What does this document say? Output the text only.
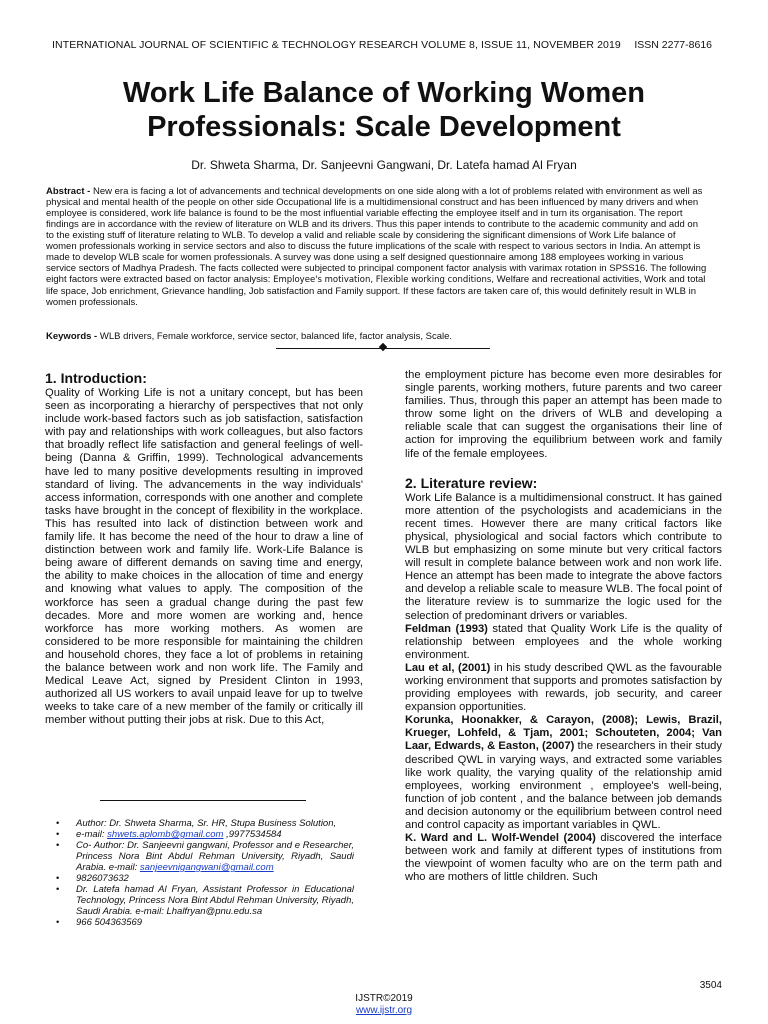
INTERNATIONAL JOURNAL OF SCIENTIFIC & TECHNOLOGY RESEARCH VOLUME 8, ISSUE 11, NOVEMBER 2019 ISSN 2277-8616
Work Life Balance of Working Women
Professionals: Scale Development
Dr. Shweta Sharma, Dr. Sanjeevni Gangwani, Dr. Latefa hamad Al Fryan
Abstract - New era is facing a lot of advancements and technical developments on one side along with a lot of problems related with environment as well as physical and mental health of the people on other side Occupational life is a multidimensional construct and has been influenced by many drivers and when employee is considered, work life balance is found to be the most influential variable effecting the employee itself and in turn its organisation. The report findings are in accordance with the review of literature on WLB and its drivers. Thus this paper intends to contribute to the academic community and add on to the existing stuff of literature relating to WLB. To develop a valid and reliable scale by considering the significant dimensions of Work Life balance of women professionals working in service sectors and also to discuss the future implications of the scale with respect to various sectors in India. An attempt is made to develop WLB scale for women professionals. A survey was done using a self designed questionnaire among 188 employees working in various service sectors of Madhya Pradesh. The facts collected were subjected to principal component factor analysis with varimax rotation in SPSS16. The following eight factors were extracted based on factor analysis: Employee's motivation, Flexible working conditions, Welfare and recreational activities, Work and total life space, Job enrichment, Grievance handling, Job satisfaction and Family support. If these factors are taken care of, this would definitely result in WLB in women professionals.
Keywords - WLB drivers, Female workforce, service sector, balanced life, factor analysis, Scale.
1. Introduction:

Quality of Working Life is not a unitary concept, but has been seen as incorporating a hierarchy of perspectives that not only include work-based factors such as job satisfaction, satisfaction with pay and relationships with work colleagues, but also factors that broadly reflect life satisfaction and general feelings of well-being (Danna & Griffin, 1999). Technological advancements have led to many positive developments resulting in improved standard of living. The advancements in the way individuals' access information, corresponds with one another and complete tasks have brought in the concept of flexibility in the workplace. This has resulted into lack of distinction between work and family life. It has become the need of the hour to draw a line of distinction between work and family life. Work-Life Balance is being aware of different demands on saving time and energy, the ability to make choices in the allocation of time and energy and knowing what values to apply. The composition of the workforce has seen a gradual change during the past few decades. More and more women are working and, hence workforce has more working mothers. As women are considered to be more responsible for maintaining the children and household chores, they face a lot of problems in retaining the balance between work and non work life. The Family and Medical Leave Act, signed by President Clinton in 1993, authorized all US workers to avail unpaid leave for up to twelve weeks to take care of a new member of the family or critically ill member without putting their jobs at risk. Due to this Act,

• Author: Dr. Shweta Sharma, Sr. HR, Stupa Business Solution,
• e-mail: shwets.aplomb@gmail.com ,9977534584
• Co- Author: Dr. Sanjeevni gangwani, Professor and e Researcher, Princess Nora Bint Abdul Rehman University, Riyadh, Saudi Arabia. e-mail: sanjeevnigangwani@gmail.com
• 9826073632
• Dr. Latefa hamad Al Fryan, Assistant Professor in Educational Technology, Princess Nora Bint Abdul Rehman University, Riyadh, Saudi Arabia. e-mail: Lhalfryan@pnu.edu.sa
• 966 504363569

the employment picture has become even more desirables for single parents, working mothers, future parents and two career families. Thus, through this paper an attempt has been made to throw some light on the drivers of WLB and developing a reliable scale that can suggest the organisations their line of action for improving the equilibrium between work and family life of the female employees.

2. Literature review:

Work Life Balance is a multidimensional construct. It has gained more attention of the psychologists and academicians in the recent times. However there are many critical factors like physical, physiological and social factors which contribute to WLB but emphasizing on some minute but very critical factors will result in complete balance between work and non work life. Hence an attempt has been made to integrate the above factors and develop a reliable scale to measure WLB. The focal point of the literature review is to summarize the logic used for the selection of predominant drivers or variables.

Feldman (1993) stated that Quality Work Life is the quality of relationship between employees and the whole working environment.

Lau et al, (2001) in his study described QWL as the favourable working environment that supports and promotes satisfaction by providing employees with rewards, job security, and career expansion opportunities.

Korunka, Hoonakker, & Carayon, (2008); Lewis, Brazil, Krueger, Lohfeld, & Tjam, 2001; Schouteten, 2004; Van Laar, Edwards, & Easton, (2007) the researchers in their study described QWL in varying ways, and extracted some variables like work quality, the varying quality of the relationship amid employees, working environment , employee's well-being, function of job content , and the balance between job demands and decision autonomy or the equilibrium between control need and control capacity as important variables in QWL.

K. Ward and L. Wolf-Wendel (2004) discovered the interface between work and family at different types of institutions from the viewpoint of women faculty who are on the term path and who are mothers of little children. Such

3504
IJSTR©2019
www.ijstr.org
